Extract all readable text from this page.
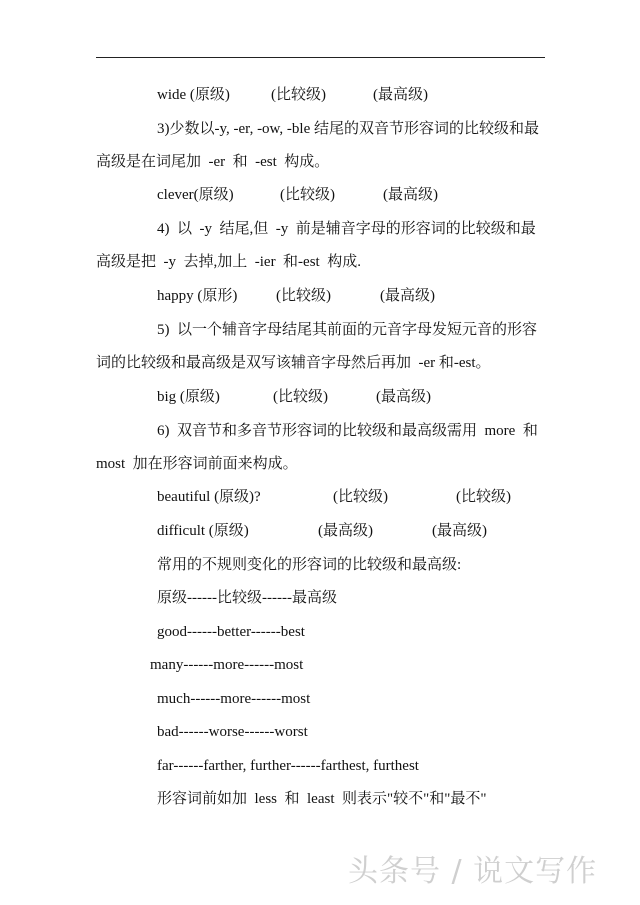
wide (原级)	(比较级)	(最高级)
3)少数以-y, -er, -ow, -ble 结尾的双音节形容词的比较级和最
高级是在词尾加  -er  和  -est  构成。
clever(原级)	(比较级)	(最高级)
4)  以  -y  结尾,但  -y  前是辅音字母的形容词的比较级和最
高级是把  -y  去掉,加上  -ier  和-est  构成.
happy (原形)	(比较级)	(最高级)
5)  以一个辅音字母结尾其前面的元音字母发短元音的形容
词的比较级和最高级是双写该辅音字母然后再加  -er 和-est。
big (原级)	(比较级)	(最高级)
6)  双音节和多音节形容词的比较级和最高级需用  more  和
most  加在形容词前面来构成。
beautiful (原级)?	(比较级)	(比较级)
difficult (原级)	(最高级)	(最高级)
常用的不规则变化的形容词的比较级和最高级:
原级------比较级------最高级
good------better------best
many------more------most
much------more------most
bad------worse------worst
far------farther, further------farthest, furthest
形容词前如加  less  和  least  则表示"较不"和"最不"
头条号 / 说文写作
